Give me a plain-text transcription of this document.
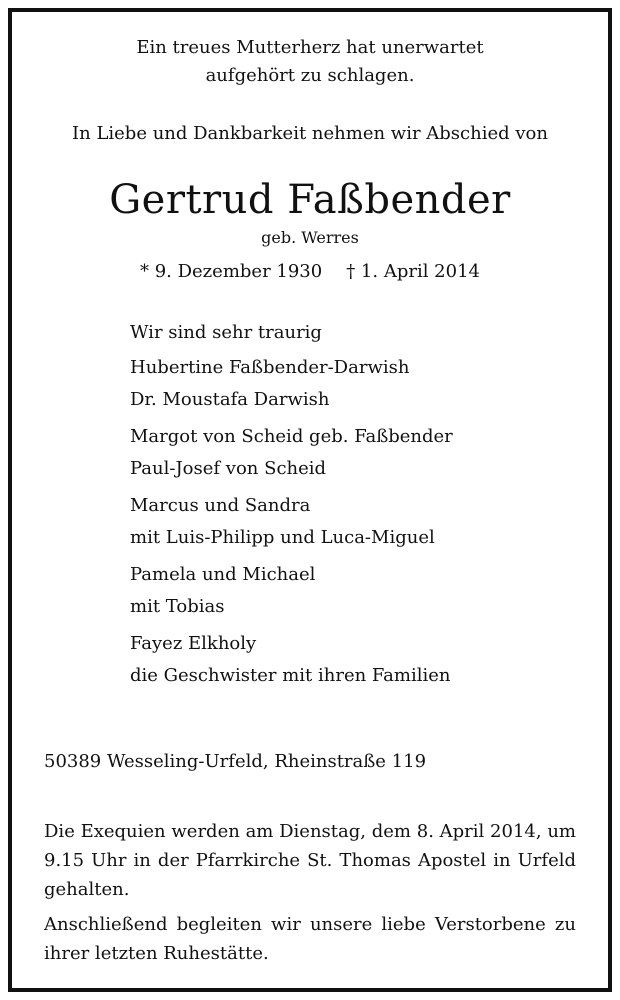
Ein treues Mutterherz hat unerwartet
aufgehört zu schlagen.
In Liebe und Dankbarkeit nehmen wir Abschied von
Gertrud Faßbender
geb. Werres
* 9. Dezember 1930 † 1. April 2014
Wir sind sehr traurig
Hubertine Faßbender-Darwish
Dr. Moustafa Darwish
Margot von Scheid geb. Faßbender
Paul-Josef von Scheid
Marcus und Sandra
mit Luis-Philipp und Luca-Miguel
Pamela und Michael
mit Tobias
Fayez Elkholy
die Geschwister mit ihren Familien
50389 Wesseling-Urfeld, Rheinstraße 119
Die Exequien werden am Dienstag, dem 8. April 2014, um 9.15 Uhr in der Pfarrkirche St. Thomas Apostel in Urfeld gehalten.
Anschließend begleiten wir unsere liebe Verstorbene zu ihrer letzten Ruhestätte.
